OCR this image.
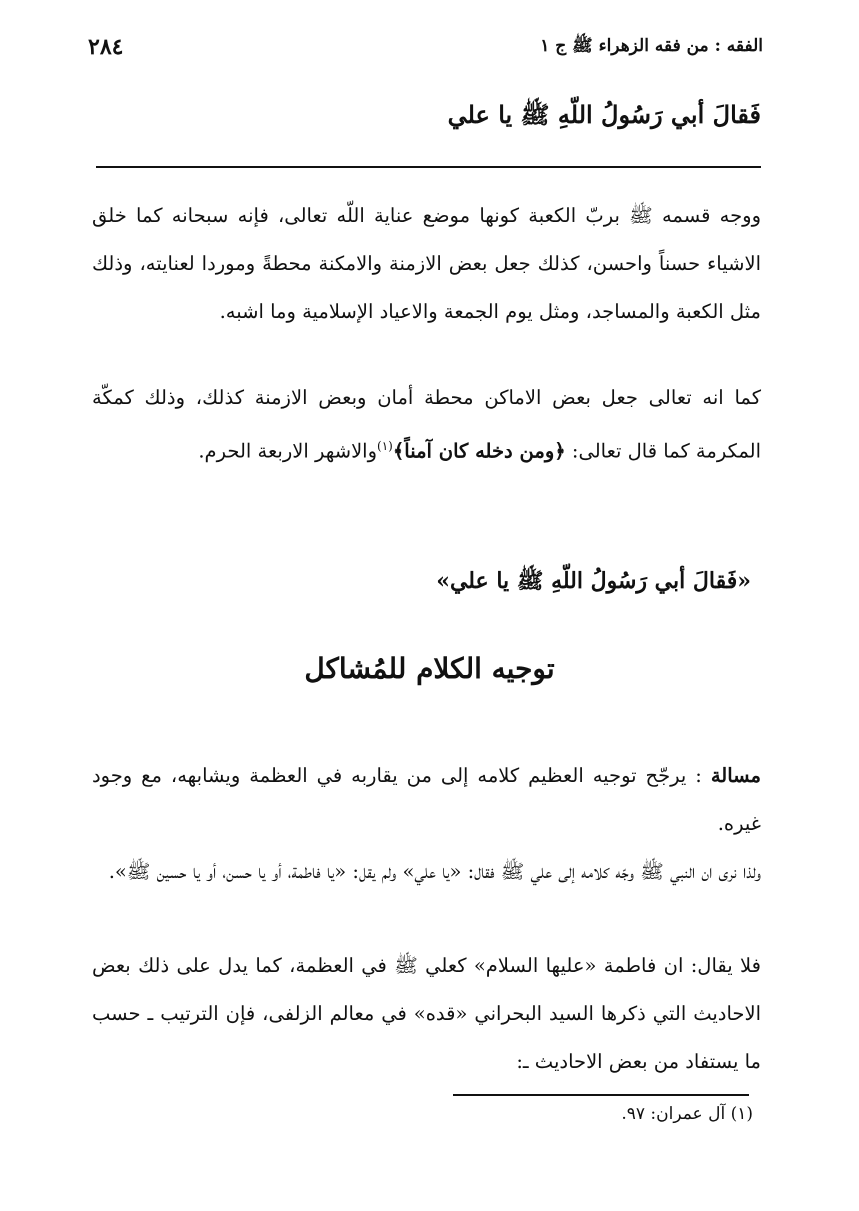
٢٨٤	الفقه : من فقه الزهراء ﷺ ج ١
فَقالَ أبي رَسُولُ اللّهِ ﷺ يا علي

ووجه قسمه ﷺ بربّ الكعبة كونها موضع عناية اللّه تعالى، فإنه سبحانه كما خلق الاشياء حسناً واحسن، كذلك جعل بعض الازمنة والامكنة محطةً وموردا لعنايته، وذلك مثل الكعبة والمساجد، ومثل يوم الجمعة والاعياد الإسلامية وما اشبه.

كما انه تعالى جعل بعض الاماكن محطة أمان وبعض الازمنة كذلك، وذلك كمكّة المكرمة كما قال تعالى: ﴿ومن دخله كان آمناً﴾$^{(١)}$والاشهر الاربعة الحرم.

«فَقالَ أبي رَسُولُ اللّهِ ﷺ يا علي»
توجيه الكلام للمُشاكل

مسالة : يرجّح توجيه العظيم كلامه إلى من يقاربه في العظمة ويشابهه، مع وجود غيره.

ولذا نرى ان النبي ﷺ وجّه كلامه إلى علي ﷺ فقال: «يا علي» ولم يقل: «يا فاطمة، أو يا حسن، أو يا حسين ﷺ».

فلا يقال: ان فاطمة «عليها السلام» كعلي ﷺ في العظمة، كما يدل على ذلك بعض الاحاديث التي ذكرها السيد البحراني «قده» في معالم الزلفى، فإن الترتيب ـ حسب ما يستفاد من بعض الاحاديث ـ:

(١) آل عمران: ٩٧.
